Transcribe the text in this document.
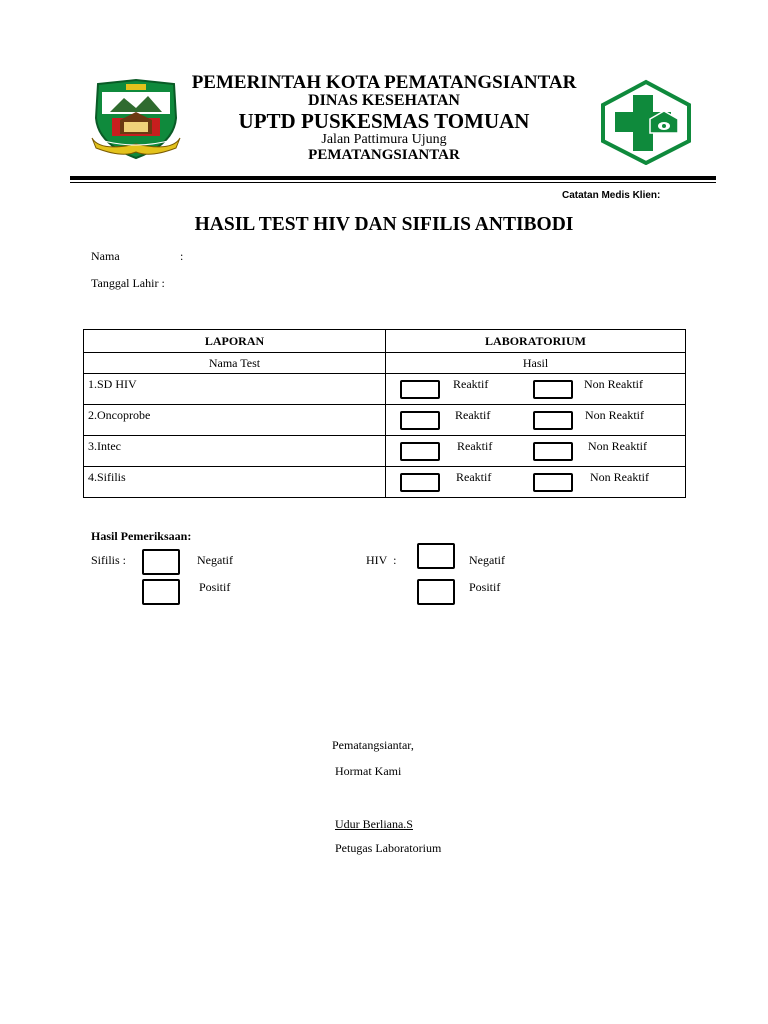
PEMERINTAH KOTA PEMATANGSIANTAR
DINAS KESEHATAN
UPTD PUSKESMAS TOMUAN
Jalan Pattimura Ujung
PEMATANGSIANTAR
Catatan Medis Klien:
HASIL TEST HIV DAN SIFILIS ANTIBODI
Nama	:
Tanggal Lahir :
LAPORAN	LABORATORIUM
Nama Test	Hasil
1.SD HIV	Reaktif Non Reaktif

2.Oncoprobe	Reaktif Non Reaktif

3.Intec	Reaktif Non Reaktif

4.Sifilis	Reaktif Non Reaktif
Hasil Pemeriksaan:
Sifilis :	Negatif
Positif
HIV  :	Negatif
Positif
Pematangsiantar,
Hormat Kami
Udur Berliana.S
Petugas Laboratorium
